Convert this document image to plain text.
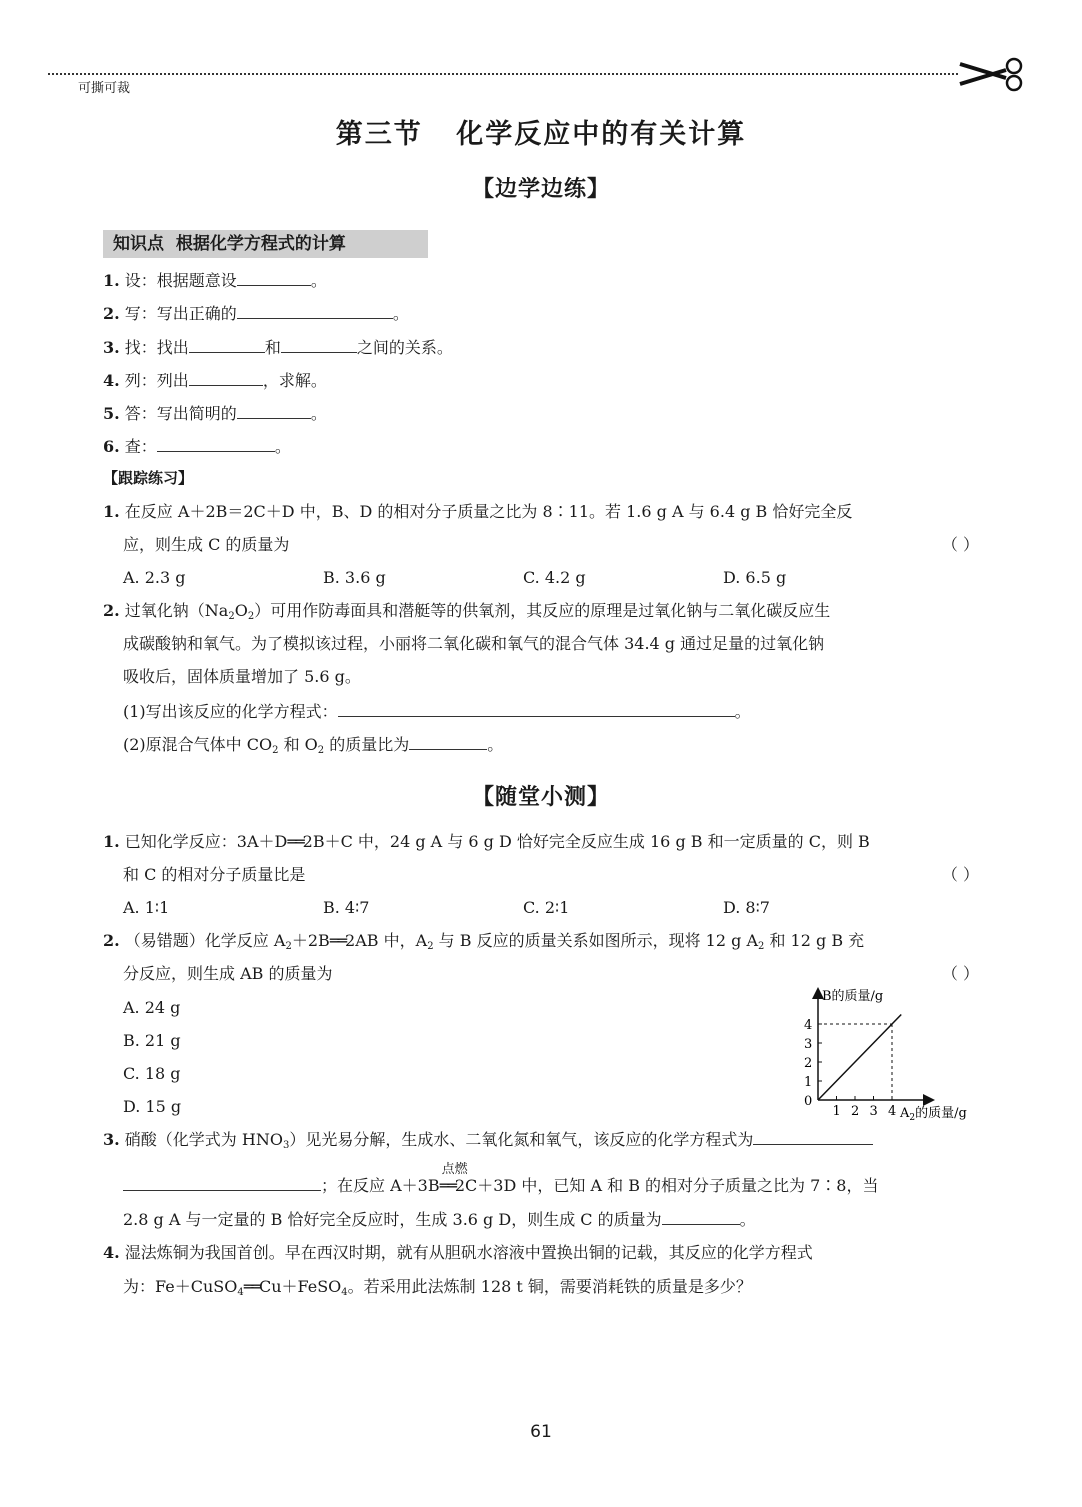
可撕可裁
第三节 化学反应中的有关计算
【边学边练】
知识点  根据化学方程式的计算
1. 设：根据题意设	。
2. 写：写出正确的	。
3. 找：找出	和	之间的关系。
4. 列：列出	，求解。
5. 答：写出简明的	。
6. 查：	。
【跟踪练习】
1. 在反应 A＋2B＝2C＋D 中，B、D 的相对分子质量之比为 8∶11。若 1.6 g A 与 6.4 g B 恰好完全反
应，则生成 C 的质量为	（ ）
A. 2.3 g	B. 3.6 g	C. 4.2 g	D. 6.5 g
2. 过氧化钠$(Na_2O_2)$可用作防毒面具和潜艇等的供氧剂，其反应的原理是过氧化钠与二氧化碳反应生
成碳酸钠和氧气。为了模拟该过程，小丽将二氧化碳和氧气的混合气体 34.4 g 通过足量的过氧化钠
吸收后，固体质量增加了 5.6 g。
(1)写出该反应的化学方程式：	。
(2)原混合气体中 $CO_2$ 和 $O_2$ 的质量比为	。
【随堂小测】
1. 已知化学反应：3A＋D══2B＋C 中，24 g A 与 6 g D 恰好完全反应生成 16 g B 和一定质量的 C，则 B
和 C 的相对分子质量比是	（ ）
A. 1∶1	B. 4∶7	C. 2∶1	D. 8∶7
2. （易错题）化学反应 $A_2+2B══2AB$ 中，$A_2$ 与 B 反应的质量关系如图所示，现将 12 g $A_2$ 和 12 g B 充
分反应，则生成 AB 的质量为	（ ）
A. 24 g
B. 21 g
C. 18 g
D. 15 g
B的质量/g
$A_2$的质量/g
0
1 2 3 4
1
2
3
4
3. 硝酸（化学式为 $HNO_3$）见光易分解，生成水、二氧化氮和氧气，该反应的化学方程式为
；在反应 A＋3B
点燃
══2C＋3D 中，已知 A 和 B 的相对分子质量之比为 7∶8，当
2.8 g A 与一定量的 B 恰好完全反应时，生成 3.6 g D，则生成 C 的质量为	。
4. 湿法炼铜为我国首创。早在西汉时期，就有从胆矾水溶液中置换出铜的记载，其反应的化学方程式
为：Fe＋CuSO$_4$══Cu＋FeSO$_4$。若采用此法炼制 128 t 铜，需要消耗铁的质量是多少？
61
